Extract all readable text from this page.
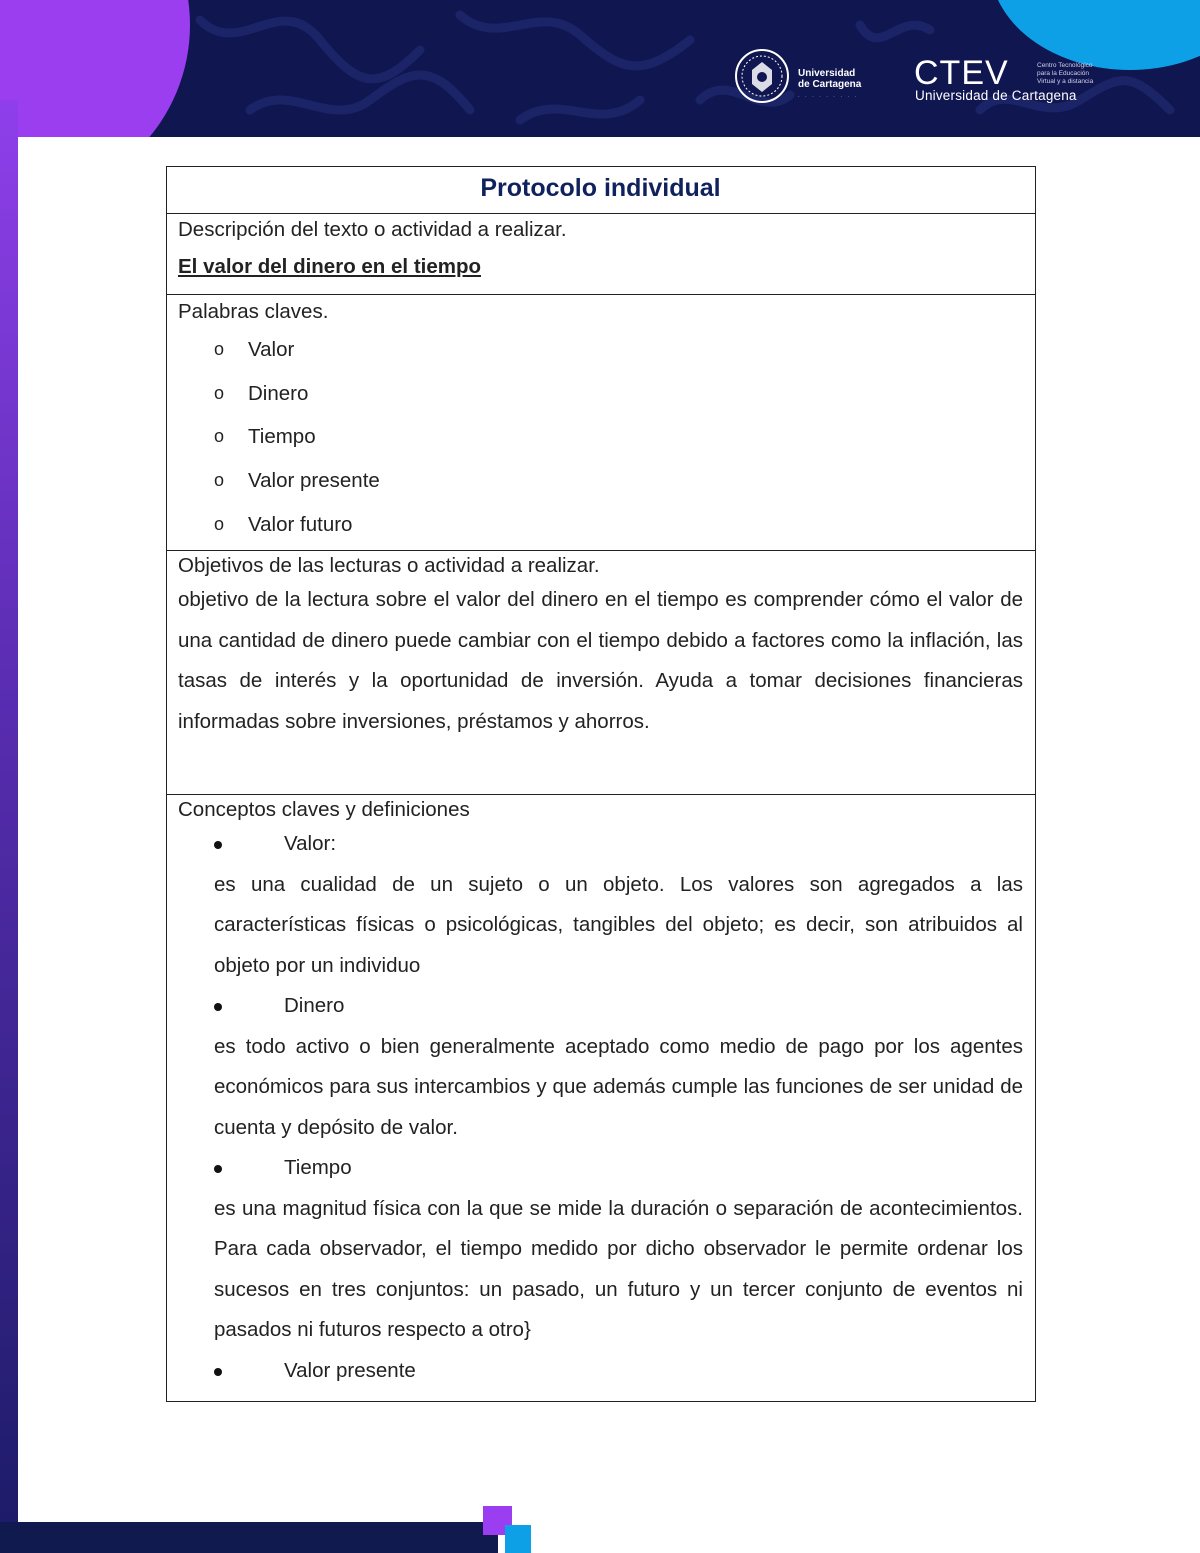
Universidad
de Cartagena
· · · · · · · · ·
CTEV	Centro Tecnológico para la Educación Virtual y a distancia
Universidad de Cartagena
Protocolo individual
Descripción del texto o actividad a realizar.
El valor del dinero en el tiempo
Palabras claves.
o Valor
o Dinero
o Tiempo
o Valor presente
o Valor futuro
Objetivos de las lecturas o actividad a realizar.
objetivo de la lectura sobre el valor del dinero en el tiempo es comprender cómo el valor de una cantidad de dinero puede cambiar con el tiempo debido a factores como la inflación, las tasas de interés y la oportunidad de inversión. Ayuda a tomar decisiones financieras informadas sobre inversiones, préstamos y ahorros.
Conceptos claves y definiciones
Valor:
es una cualidad de un sujeto o un objeto. Los valores son agregados a las características físicas o psicológicas, tangibles del objeto; es decir, son atribuidos al objeto por un individuo
Dinero
es todo activo o bien generalmente aceptado como medio de pago por los agentes económicos para sus intercambios y que además cumple las funciones de ser unidad de cuenta y depósito de valor.
Tiempo
es una magnitud física con la que se mide la duración o separación de acontecimientos. Para cada observador, el tiempo medido por dicho observador le permite ordenar los sucesos en tres conjuntos: un pasado, un futuro y un tercer conjunto de eventos ni pasados ni futuros respecto a otro}
Valor presente
